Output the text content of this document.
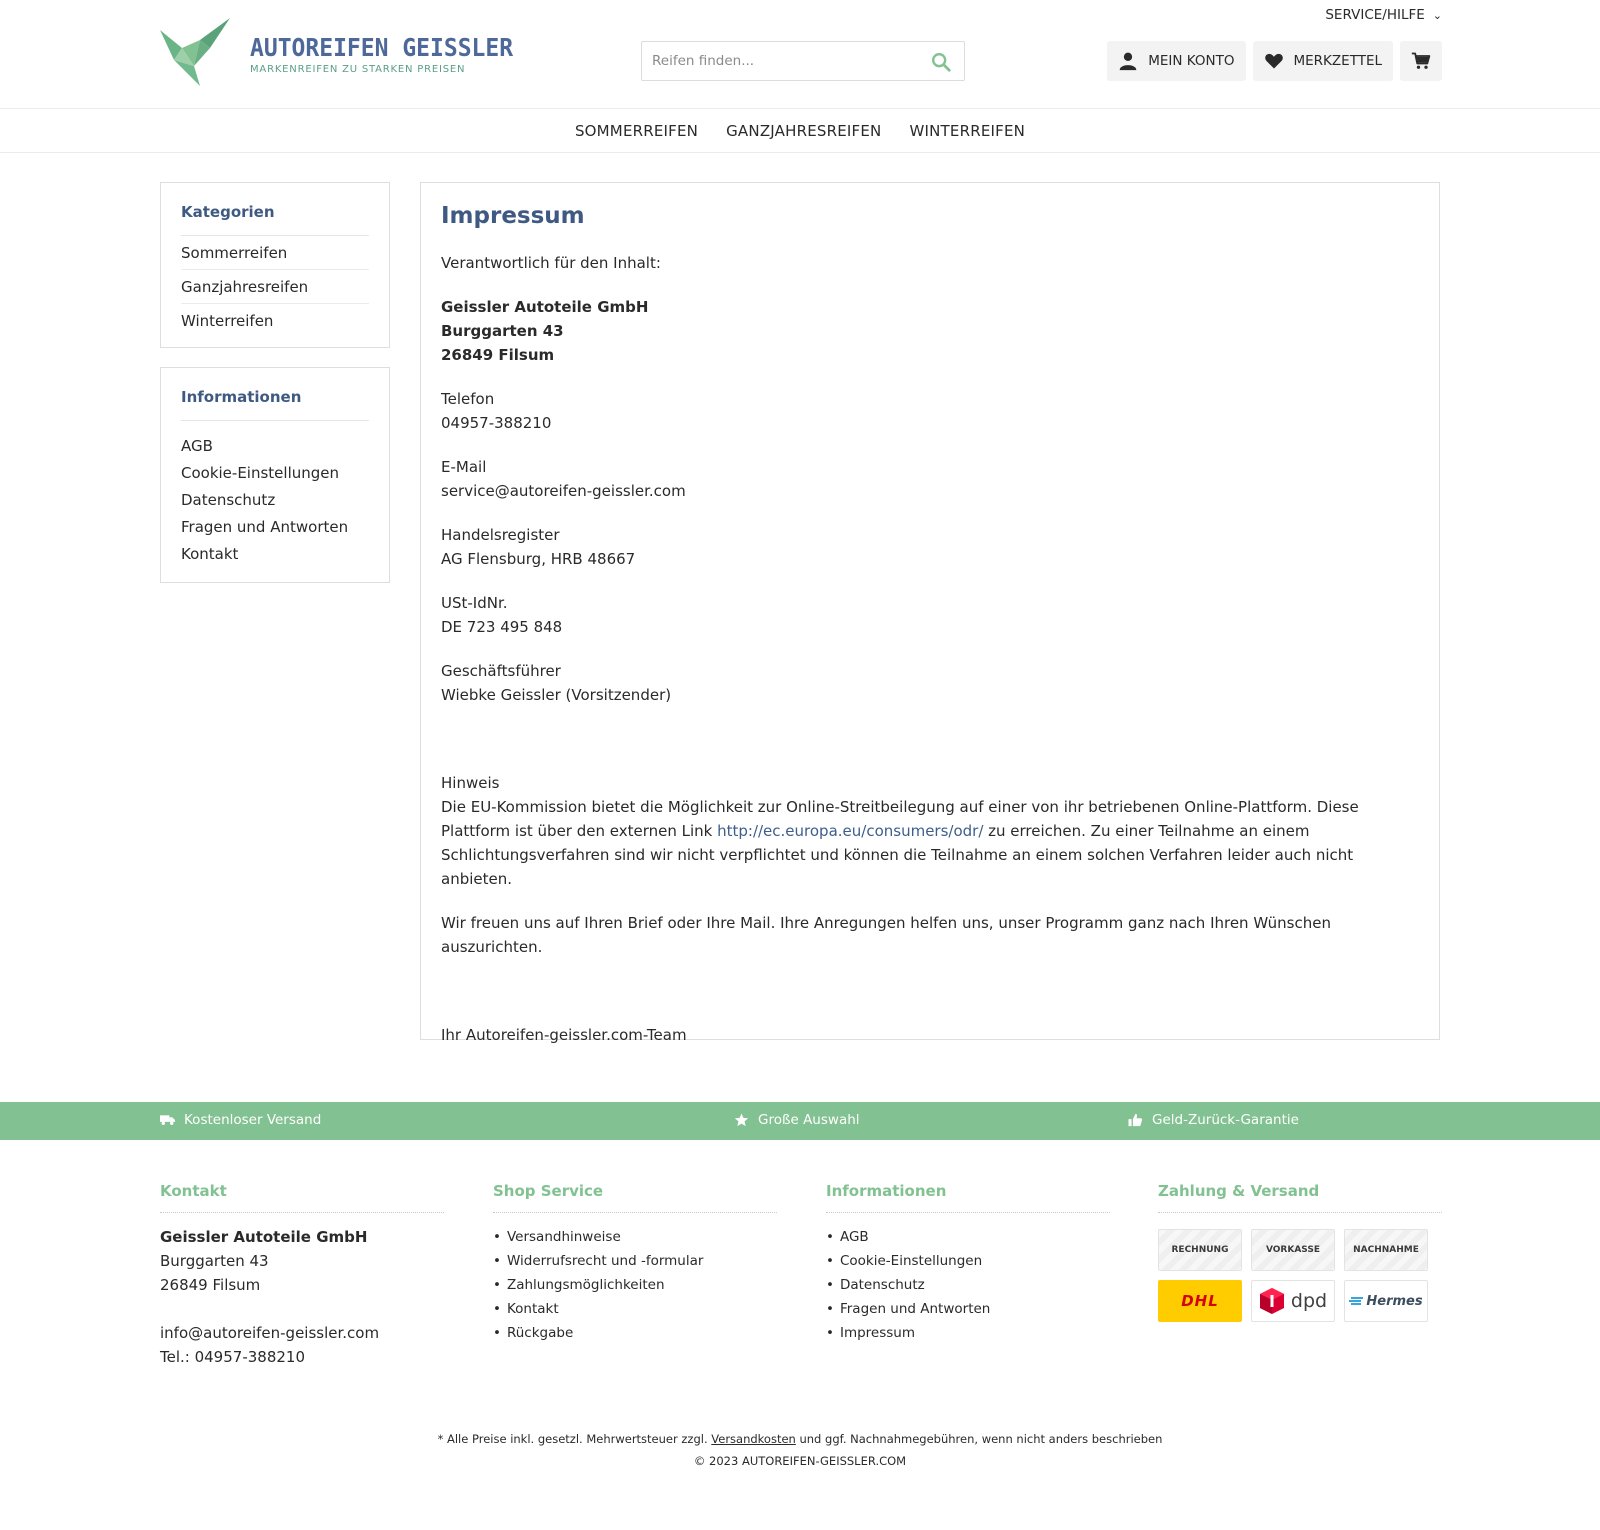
AUTOREIFEN GEISSLER
MARKENREIFEN ZU STARKEN PREISEN
SERVICE/HILFE ⌄
Reifen finden...
MEIN KONTO	MERKZETTEL
SOMMERREIFEN GANZJAHRESREIFEN WINTERREIFEN
Kategorien
Sommerreifen
Ganzjahresreifen
Winterreifen
Informationen
AGB
Cookie-Einstellungen
Datenschutz
Fragen und Antworten
Kontakt
Impressum

Verantwortlich für den Inhalt:

Geissler Autoteile GmbH

Burggarten 43

26849 Filsum

Telefon

04957-388210

E-Mail

service@autoreifen-geissler.com

Handelsregister

AG Flensburg, HRB 48667

USt-IdNr.

DE 723 495 848

Geschäftsführer

Wiebke Geissler (Vorsitzender)

Hinweis

Die EU-Kommission bietet die Möglichkeit zur Online-Streitbeilegung auf einer von ihr betriebenen Online-Plattform. Diese Plattform ist über den externen Link http://ec.europa.eu/consumers/odr/ zu erreichen. Zu einer Teilnahme an einem Schlichtungsverfahren sind wir nicht verpflichtet und können die Teilnahme an einem solchen Verfahren leider auch nicht anbieten.

Wir freuen uns auf Ihren Brief oder Ihre Mail. Ihre Anregungen helfen uns, unser Programm ganz nach Ihren Wünschen auszurichten.

Ihr Autoreifen-geissler.com-Team

Kostenloser Versand	Große Auswahl	Geld-Zurück-Garantie
Kontakt

Geissler Autoteile GmbH

Burggarten 43

26849 Filsum

info@autoreifen-geissler.com

Tel.: 04957-388210

Shop Service
• Versandhinweise
• Widerrufsrecht und -formular
• Zahlungsmöglichkeiten
• Kontakt
• Rückgabe
Informationen
• AGB
• Cookie-Einstellungen
• Datenschutz
• Fragen und Antworten
• Impressum
Zahlung & Versand
RECHNUNG	VORKASSE	NACHNAHME
DHL	dpd	Hermes
* Alle Preise inkl. gesetzl. Mehrwertsteuer zzgl. Versandkosten und ggf. Nachnahmegebühren, wenn nicht anders beschrieben
© 2023 AUTOREIFEN-GEISSLER.COM
